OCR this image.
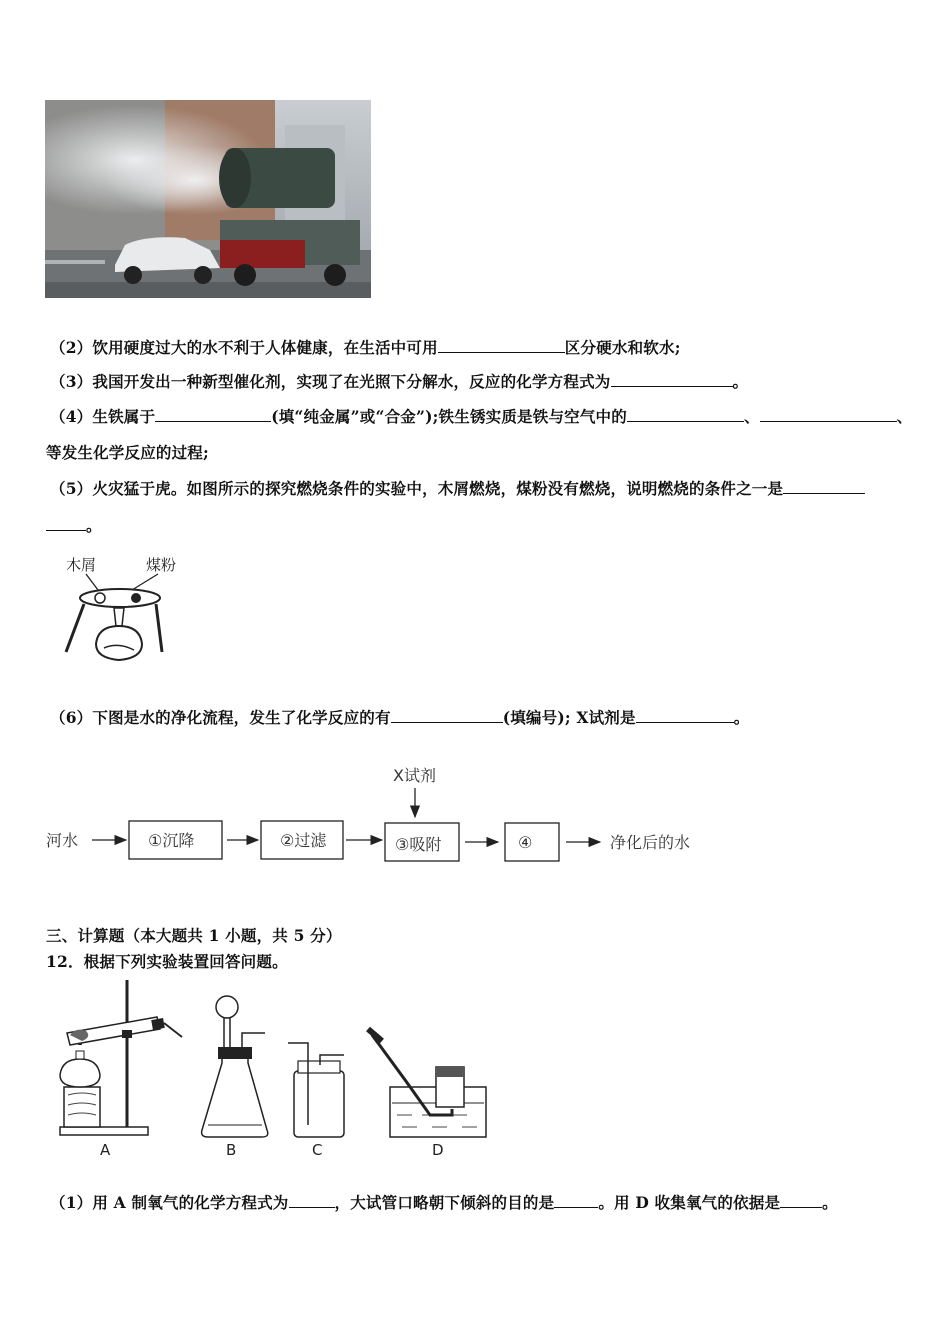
（2）饮用硬度过大的水不利于人体健康，在生活中可用	区分硬水和软水;
（3）我国开发出一种新型催化剂，实现了在光照下分解水，反应的化学方程式为	。
（4）生铁属于	(填“纯金属”或“合金”);铁生锈实质是铁与空气中的	、	、
等发生化学反应的过程;
（5）火灾猛于虎。如图所示的探究燃烧条件的实验中，木屑燃烧，煤粉没有燃烧，说明燃烧的条件之一是
。
木屑	煤粉
（6）下图是水的净化流程，发生了化学反应的有	(填编号); X试剂是	。
X试剂
河水	①沉降	②过滤	③吸附	④	净化后的水
三、计算题（本大题共 1 小题，共 5 分）
12．根据下列实验装置回答问题。
A	B	C	D
（1）用 A 制氧气的化学方程式为	，大试管口略朝下倾斜的目的是	。用 D 收集氧气的依据是	。
